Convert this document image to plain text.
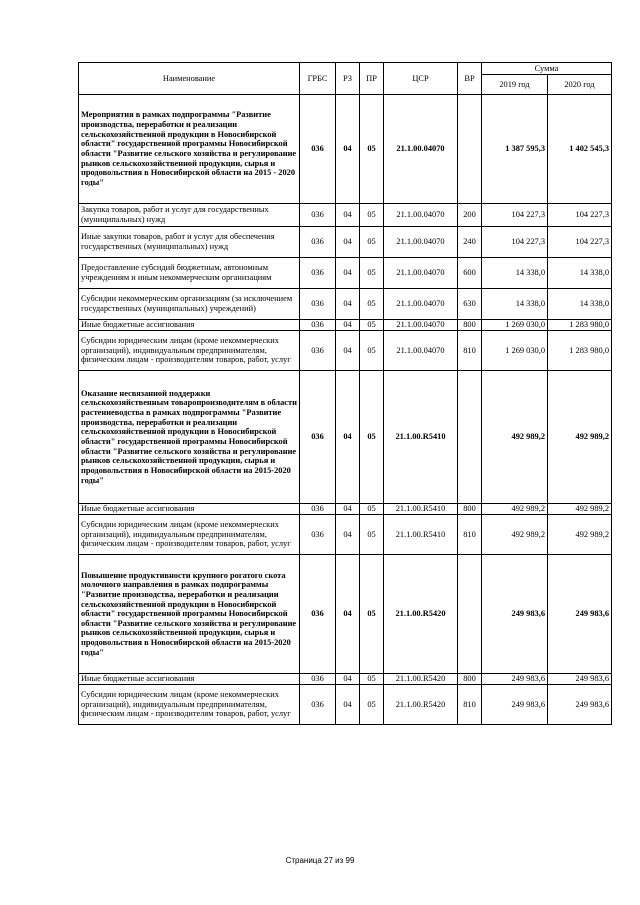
Наименование	ГРБС	РЗ	ПР	ЦСР	ВР	Сумма	
						2019 год	2020 год
Мероприятия в рамках подпрограммы "Развитие производства, переработки и реализации сельскохозяйственной продукции в Новосибирской области" государственной программы Новосибирской области "Развитие сельского хозяйства и регулирование рынков сельскохозяйственной продукции, сырья и продовольствия в Новосибирской области на 2015 - 2020 годы"	036	04	05	21.1.00.04070		1 387 595,3	1 402 545,3
Закупка товаров, работ и услуг для государственных (муниципальных) нужд	036	04	05	21.1.00.04070	200	104 227,3	104 227,3
Иные закупки товаров, работ и услуг для обеспечения государственных (муниципальных) нужд	036	04	05	21.1.00.04070	240	104 227,3	104 227,3
Предоставление субсидий бюджетным, автономным учреждениям и иным некоммерческим организациям	036	04	05	21.1.00.04070	600	14 338,0	14 338,0
Субсидии некоммерческим организациям (за исключением государственных (муниципальных) учреждений)	036	04	05	21.1.00.04070	630	14 338,0	14 338,0
Иные бюджетные ассигнования	036	04	05	21.1.00.04070	800	1 269 030,0	1 283 980,0
Субсидии юридическим лицам (кроме некоммерческих организаций), индивидуальным предпринимателям, физическим лицам - производителям товаров, работ, услуг	036	04	05	21.1.00.04070	810	1 269 030,0	1 283 980,0
Оказание несвязанной поддержки сельскохозяйственным товаропроизводителям в области растениеводства в рамках подпрограммы "Развитие производства, переработки и реализации сельскохозяйственной продукции в Новосибирской области" государственной программы Новосибирской области "Развитие сельского хозяйства и регулирование рынков сельскохозяйственной продукции, сырья и продовольствия в Новосибирской области на 2015-2020 годы"	036	04	05	21.1.00.R5410		492 989,2	492 989,2
Иные бюджетные ассигнования	036	04	05	21.1.00.R5410	800	492 989,2	492 989,2
Субсидии юридическим лицам (кроме некоммерческих организаций), индивидуальным предпринимателям, физическим лицам - производителям товаров, работ, услуг	036	04	05	21.1.00.R5410	810	492 989,2	492 989,2
Повышение продуктивности крупного рогатого скота молочного направления в рамках подпрограммы "Развитие производства, переработки и реализации сельскохозяйственной продукции в Новосибирской области" государственной программы Новосибирской области "Развитие сельского хозяйства и регулирование рынков сельскохозяйственной продукции, сырья и продовольствия в Новосибирской области на 2015-2020 годы"	036	04	05	21.1.00.R5420		249 983,6	249 983,6
Иные бюджетные ассигнования	036	04	05	21.1.00.R5420	800	249 983,6	249 983,6
Субсидии юридическим лицам (кроме некоммерческих организаций), индивидуальным предпринимателям, физическим лицам - производителям товаров, работ, услуг	036	04	05	21.1.00.R5420	810	249 983,6	249 983,6
Страница 27 из 99
